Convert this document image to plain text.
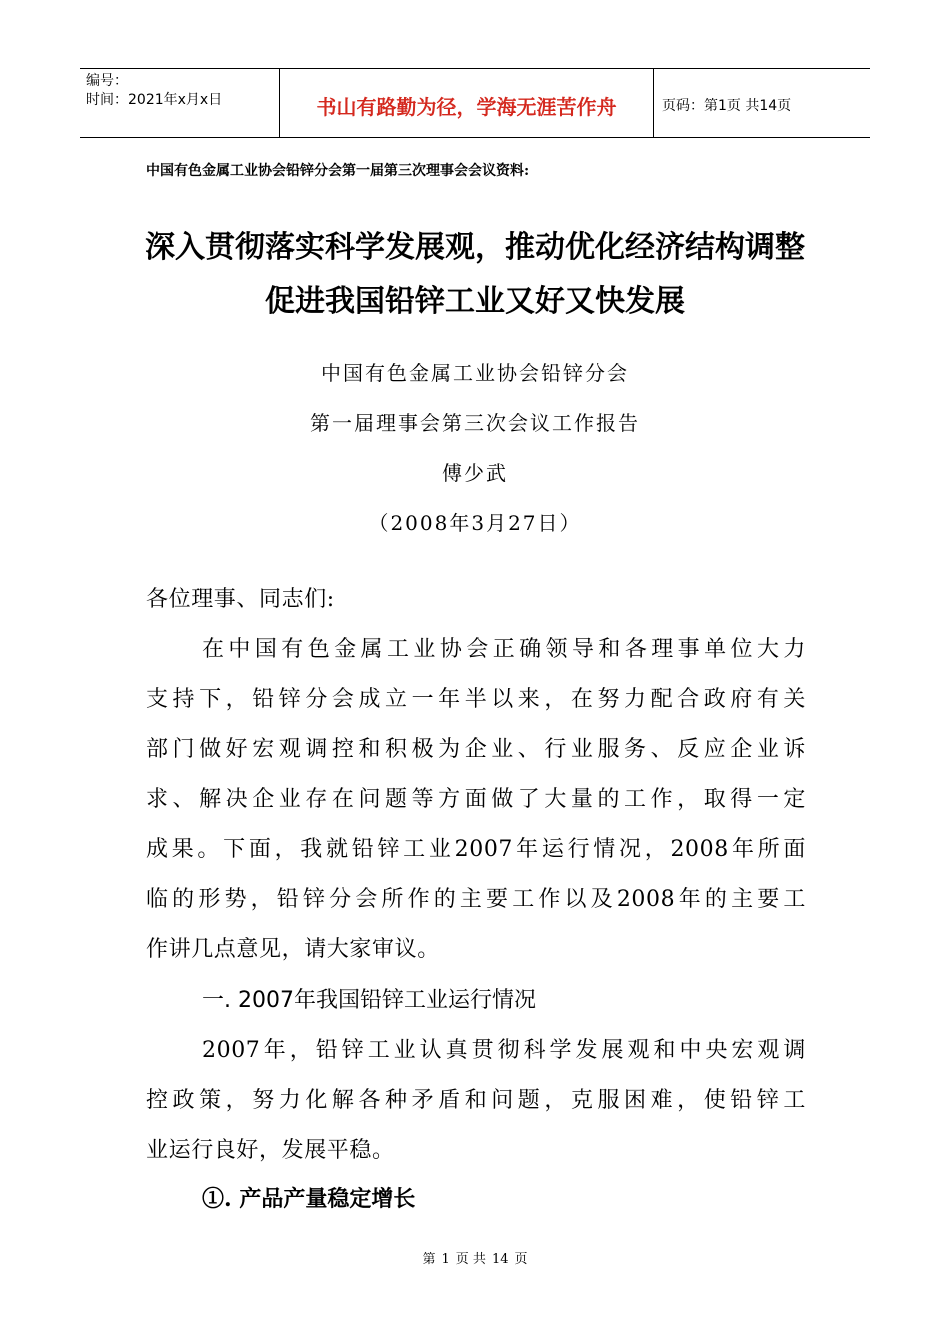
编号：
时间：2021年x月x日	书山有路勤为径，学海无涯苦作舟	页码：第1页 共14页
中国有色金属工业协会铅锌分会第一届第三次理事会会议资料:
深入贯彻落实科学发展观，推动优化经济结构调整
促进我国铅锌工业又好又快发展
中国有色金属工业协会铅锌分会
第一届理事会第三次会议工作报告
傅少武
（2008年3月27日）
各位理事、同志们:
在中国有色金属工业协会正确领导和各理事单位大力
支持下，铅锌分会成立一年半以来，在努力配合政府有关
部门做好宏观调控和积极为企业、行业服务、反应企业诉
求、解决企业存在问题等方面做了大量的工作，取得一定
成果。下面，我就铅锌工业2007年运行情况，2008年所面
临的形势，铅锌分会所作的主要工作以及2008年的主要工
作讲几点意见，请大家审议。
一. 2007年我国铅锌工业运行情况
2007年，铅锌工业认真贯彻科学发展观和中央宏观调
控政策，努力化解各种矛盾和问题，克服困难，使铅锌工
业运行良好，发展平稳。
①. 产品产量稳定增长
第 1 页 共 14 页
